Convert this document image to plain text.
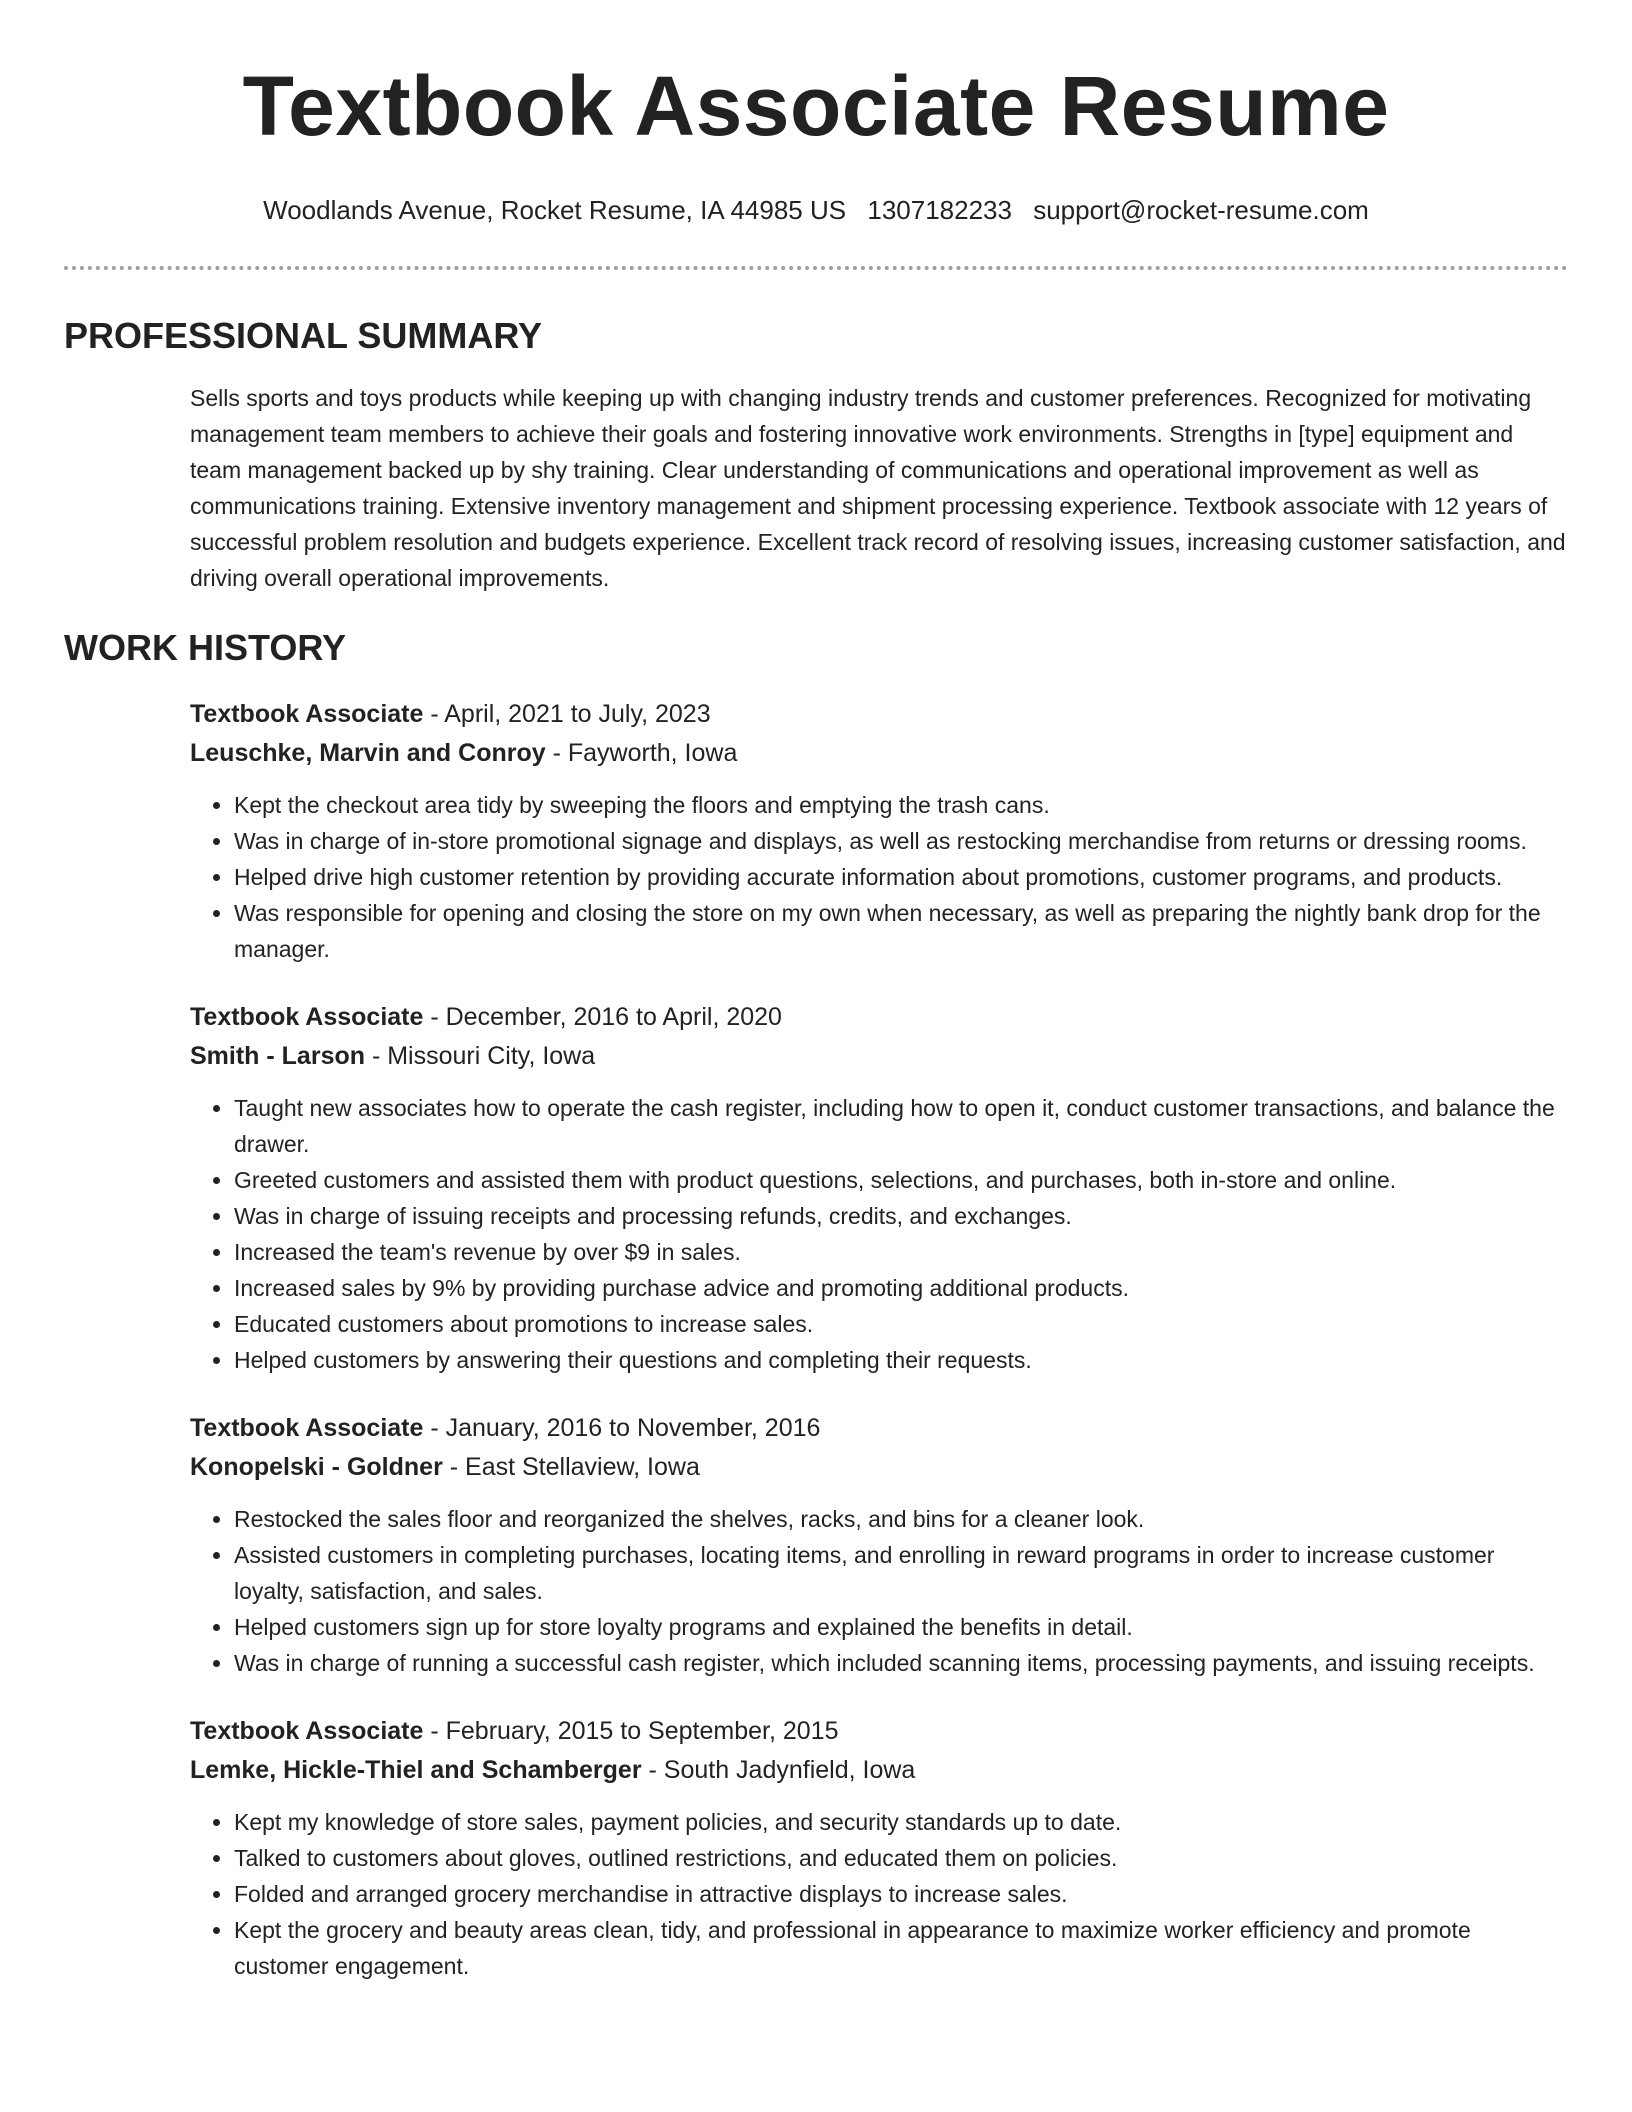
Textbook Associate Resume
Woodlands Avenue, Rocket Resume, IA 44985 US 1307182233 support@rocket-resume.com
PROFESSIONAL SUMMARY

Sells sports and toys products while keeping up with changing industry trends and customer preferences. Recognized for motivating management team members to achieve their goals and fostering innovative work environments. Strengths in [type] equipment and team management backed up by shy training. Clear understanding of communications and operational improvement as well as communications training. Extensive inventory management and shipment processing experience. Textbook associate with 12 years of successful problem resolution and budgets experience. Excellent track record of resolving issues, increasing customer satisfaction, and driving overall operational improvements.

WORK HISTORY

Textbook Associate - April, 2021 to July, 2023

Leuschke, Marvin and Conroy - Fayworth, Iowa

• Kept the checkout area tidy by sweeping the floors and emptying the trash cans.
• Was in charge of in-store promotional signage and displays, as well as restocking merchandise from returns or dressing rooms.
• Helped drive high customer retention by providing accurate information about promotions, customer programs, and products.
• Was responsible for opening and closing the store on my own when necessary, as well as preparing the nightly bank drop for the manager.

Textbook Associate - December, 2016 to April, 2020

Smith - Larson - Missouri City, Iowa

• Taught new associates how to operate the cash register, including how to open it, conduct customer transactions, and balance the drawer.
• Greeted customers and assisted them with product questions, selections, and purchases, both in-store and online.
• Was in charge of issuing receipts and processing refunds, credits, and exchanges.
• Increased the team's revenue by over $9 in sales.
• Increased sales by 9% by providing purchase advice and promoting additional products.
• Educated customers about promotions to increase sales.
• Helped customers by answering their questions and completing their requests.

Textbook Associate - January, 2016 to November, 2016

Konopelski - Goldner - East Stellaview, Iowa

• Restocked the sales floor and reorganized the shelves, racks, and bins for a cleaner look.
• Assisted customers in completing purchases, locating items, and enrolling in reward programs in order to increase customer loyalty, satisfaction, and sales.
• Helped customers sign up for store loyalty programs and explained the benefits in detail.
• Was in charge of running a successful cash register, which included scanning items, processing payments, and issuing receipts.

Textbook Associate - February, 2015 to September, 2015

Lemke, Hickle-Thiel and Schamberger - South Jadynfield, Iowa

• Kept my knowledge of store sales, payment policies, and security standards up to date.
• Talked to customers about gloves, outlined restrictions, and educated them on policies.
• Folded and arranged grocery merchandise in attractive displays to increase sales.
• Kept the grocery and beauty areas clean, tidy, and professional in appearance to maximize worker efficiency and promote customer engagement.
